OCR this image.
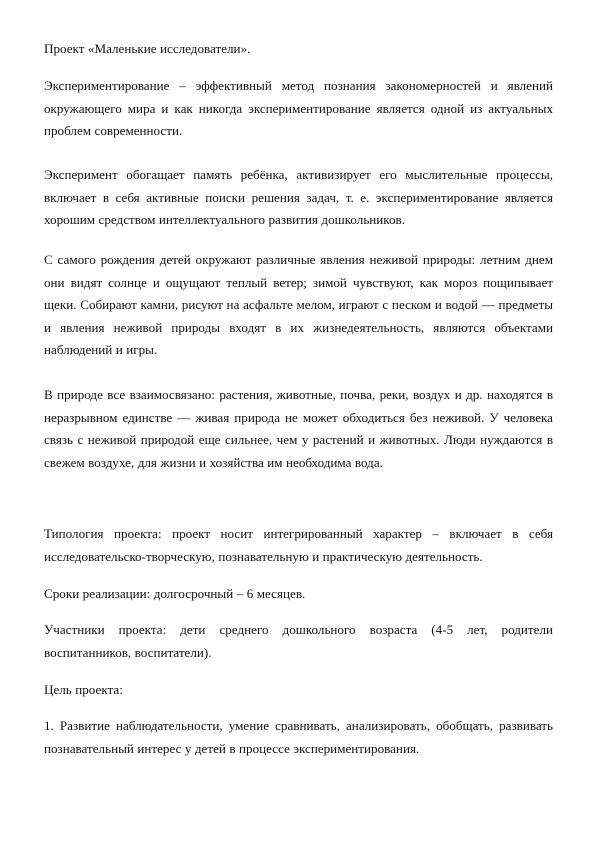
Проект «Маленькие исследователи».

Экспериментирование – эффективный метод познания закономерностей и явлений окружающего мира и как никогда экспериментирование является одной из актуальных проблем современности.

Эксперимент обогащает память ребёнка, активизирует его мыслительные процессы, включает в себя активные поиски решения задач, т. е. экспериментирование является хорошим средством интеллектуального развития дошкольников.

С самого рождения детей окружают различные явления неживой природы: летним днем они видят солнце и ощущают теплый ветер; зимой чувствуют, как мороз пощипывает щеки. Собирают камни, рисуют на асфальте мелом, играют с песком и водой — предметы и явления неживой природы входят в их жизнедеятельность, являются объектами наблюдений и игры.

В природе все взаимосвязано: растения, животные, почва, реки, воздух и др. находятся в неразрывном единстве — живая природа не может обходиться без неживой. У человека связь с неживой природой еще сильнее, чем у растений и животных. Люди нуждаются в свежем воздухе, для жизни и хозяйства им необходима вода.

Типология проекта: проект носит интегрированный характер – включает в себя исследовательско-творческую, познавательную и практическую деятельность.

Сроки реализации: долгосрочный – 6 месяцев.

Участники проекта: дети среднего дошкольного возраста (4-5 лет, родители воспитанников, воспитатели).

Цель проекта:

1. Развитие наблюдательности, умение сравнивать, анализировать, обобщать, развивать познавательный интерес у детей в процессе экспериментирования.
